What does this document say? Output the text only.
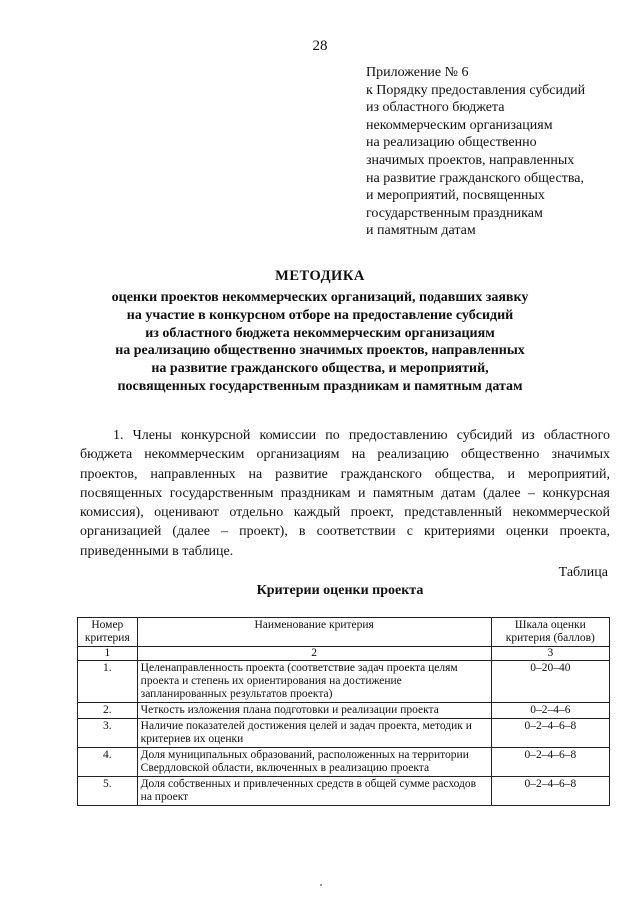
28
Приложение № 6
к Порядку предоставления субсидий
из областного бюджета
некоммерческим организациям
на реализацию общественно
значимых проектов, направленных
на развитие гражданского общества,
и мероприятий, посвященных
государственным праздникам
и памятным датам
МЕТОДИКА
оценки проектов некоммерческих организаций, подавших заявку
на участие в конкурсном отборе на предоставление субсидий
из областного бюджета некоммерческим организациям
на реализацию общественно значимых проектов, направленных
на развитие гражданского общества, и мероприятий,
посвященных государственным праздникам и памятным датам
1. Члены конкурсной комиссии по предоставлению субсидий из областного
бюджета некоммерческим организациям на реализацию общественно значимых
проектов, направленных на развитие гражданского общества, и мероприятий,
посвященных государственным праздникам и памятным датам (далее – конкурсная
комиссия), оценивают отдельно каждый проект, представленный некоммерческой
организацией (далее – проект), в соответствии с критериями оценки проекта,
приведенными в таблице.
Таблица
Критерии оценки проекта
Номер критерия	Наименование критерия	Шкала оценки критерия (баллов)
1	2	3
1.	Целенаправленность проекта (соответствие задач проекта целям проекта и степень их ориентирования на достижение запланированных результатов проекта)	0–20–40
2.	Четкость изложения плана подготовки и реализации проекта	0–2–4–6
3.	Наличие показателей достижения целей и задач проекта, методик и критериев их оценки	0–2–4–6–8
4.	Доля муниципальных образований, расположенных на территории Свердловской области, включенных в реализацию проекта	0–2–4–6–8
5.	Доля собственных и привлеченных средств в общей сумме расходов на проект	0–2–4–6–8
